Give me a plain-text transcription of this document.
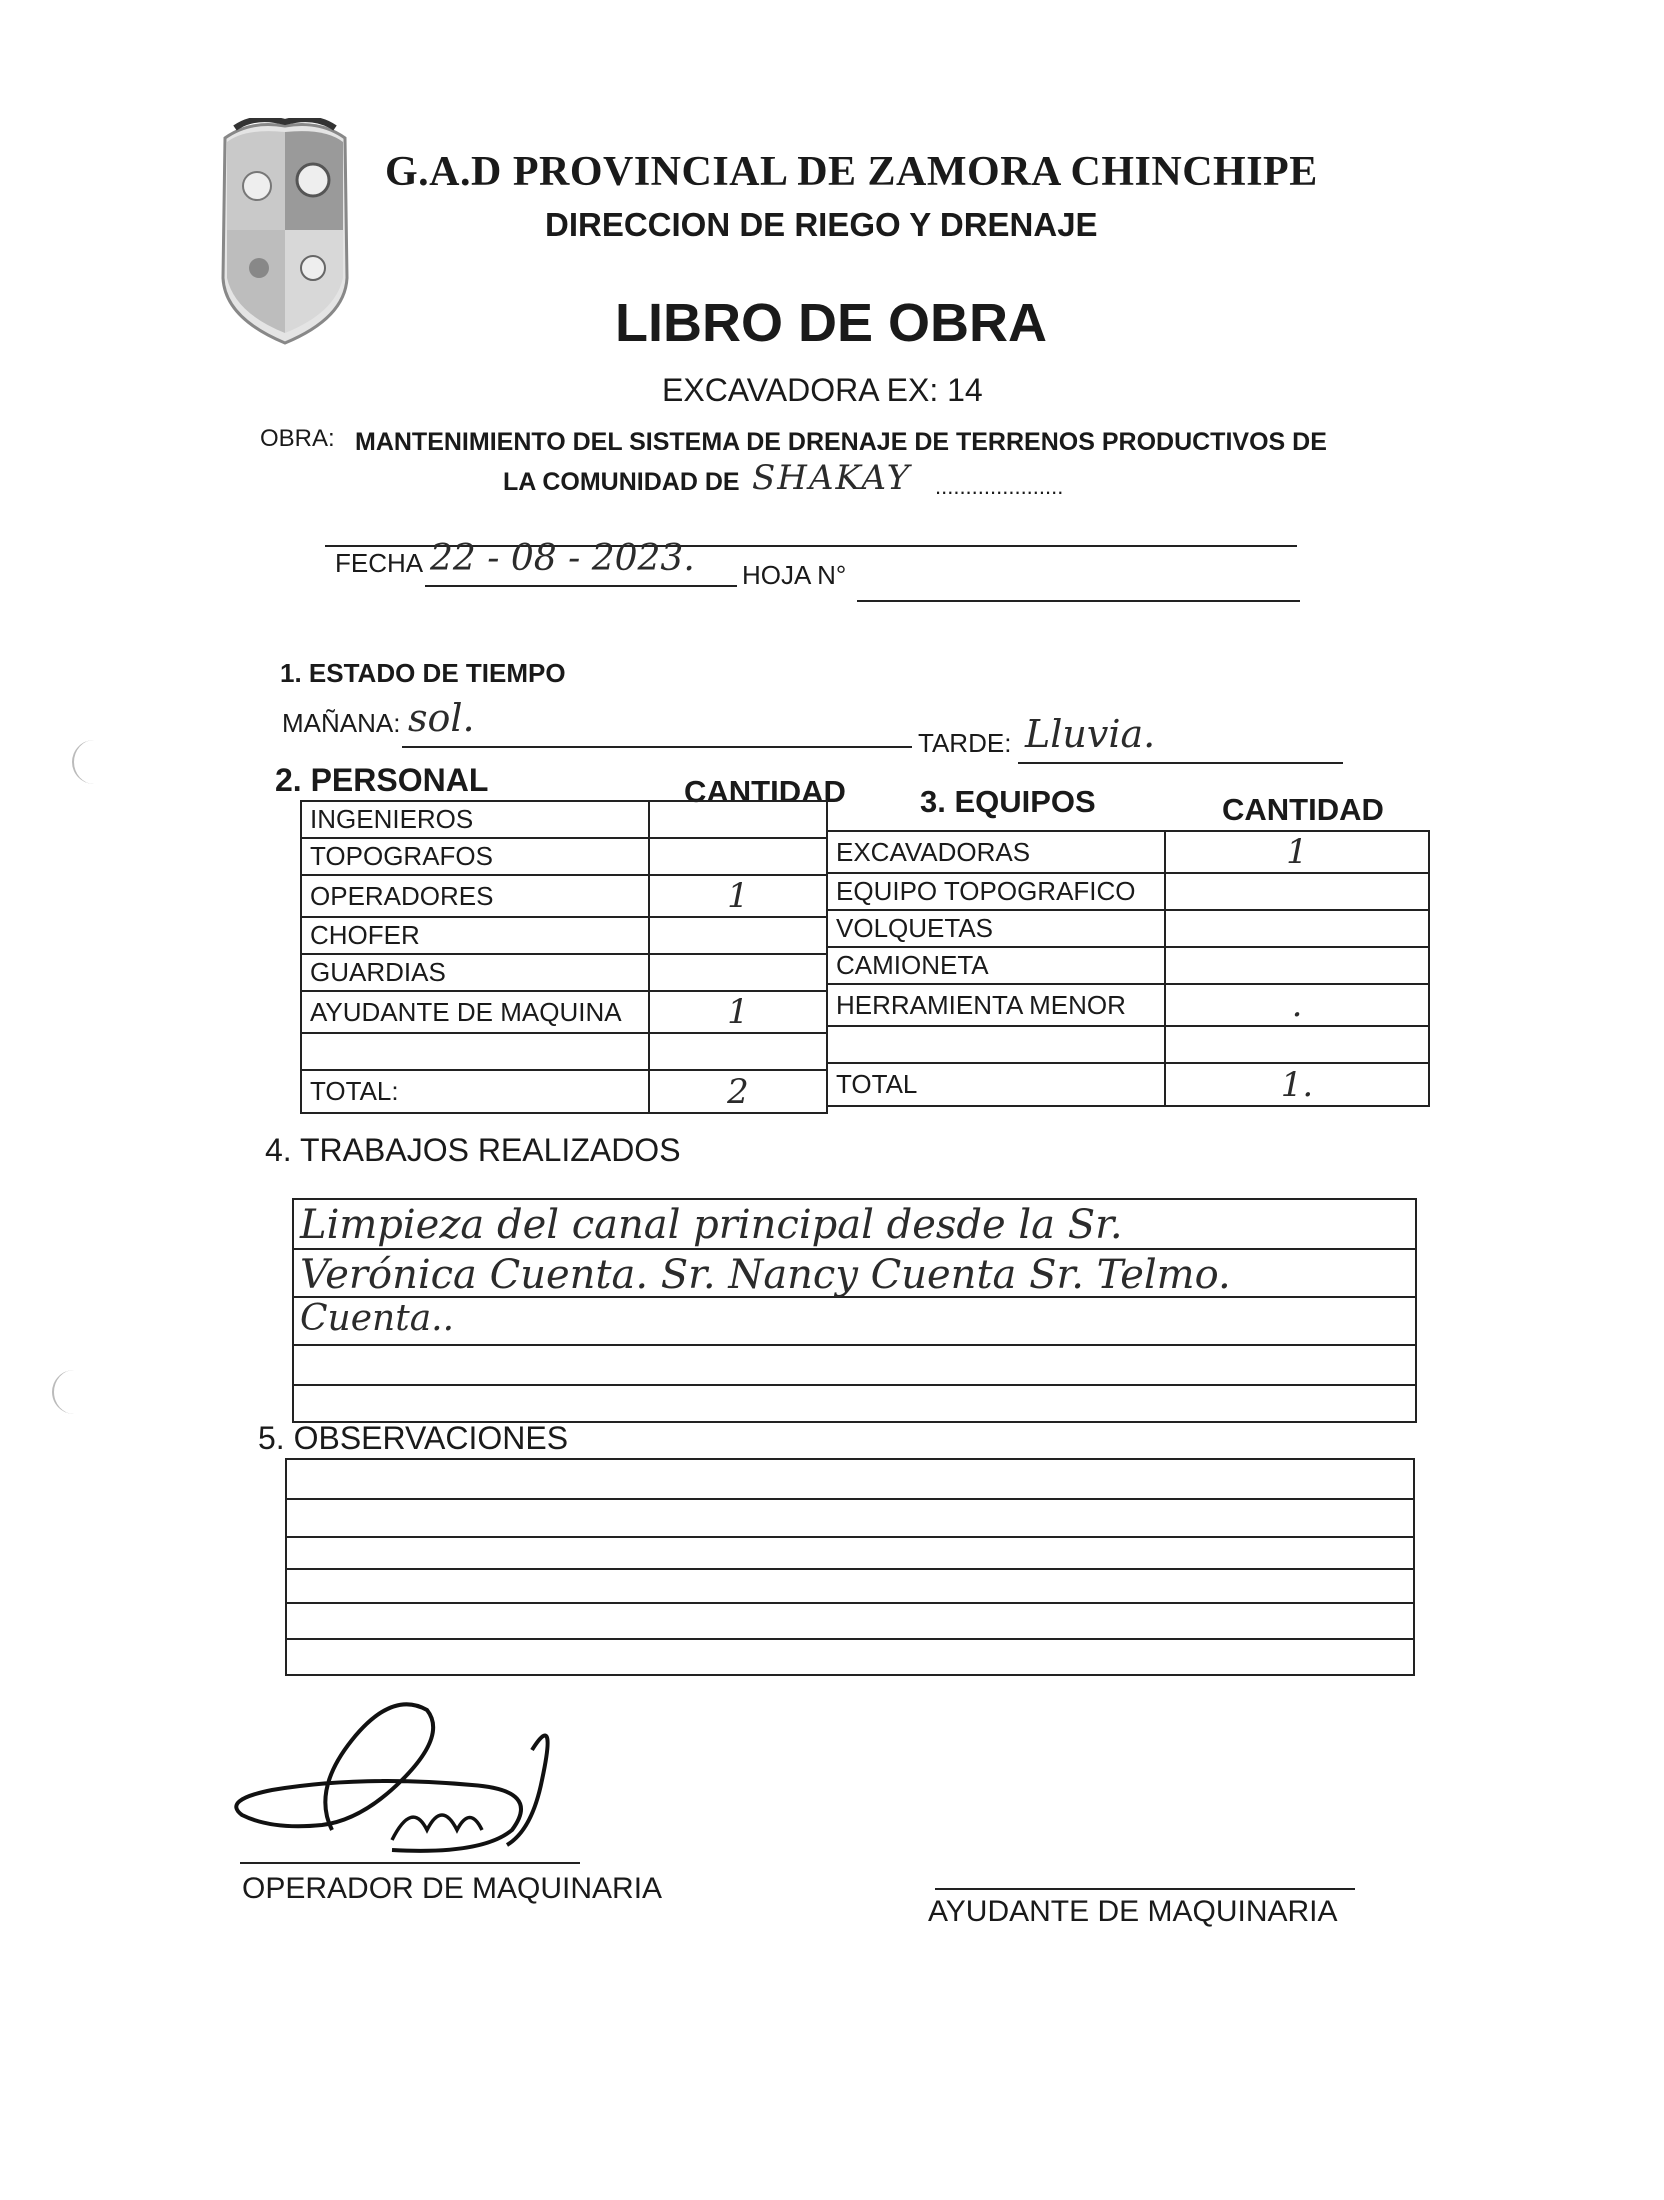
G.A.D PROVINCIAL DE ZAMORA CHINCHIPE
DIRECCION DE RIEGO Y DRENAJE
LIBRO DE OBRA
EXCAVADORA EX: 14
OBRA: MANTENIMIENTO DEL SISTEMA DE DRENAJE DE TERRENOS PRODUCTIVOS DE
LA COMUNIDAD DE SHAKAY .....................
FECHA 22 - 08 - 2023. HOJA N°
1. ESTADO DE TIEMPO
MAÑANA: sol.
TARDE: Lluvia.
2. PERSONAL	CANTIDAD 3. EQUIPOS	CANTIDAD
INGENIEROS	
TOPOGRAFOS	
OPERADORES	1
CHOFER	
GUARDIAS	
AYUDANTE DE MAQUINA	1

TOTAL:	2
EXCAVADORAS	1
EQUIPO TOPOGRAFICO	
VOLQUETAS	
CAMIONETA	
HERRAMIENTA MENOR	.

TOTAL	1.
4. TRABAJOS REALIZADOS
Limpieza del canal principal desde la Sr.
Verónica Cuenta. Sr. Nancy Cuenta Sr. Telmo.
Cuenta..
5. OBSERVACIONES
OPERADOR DE MAQUINARIA
AYUDANTE DE MAQUINARIA
